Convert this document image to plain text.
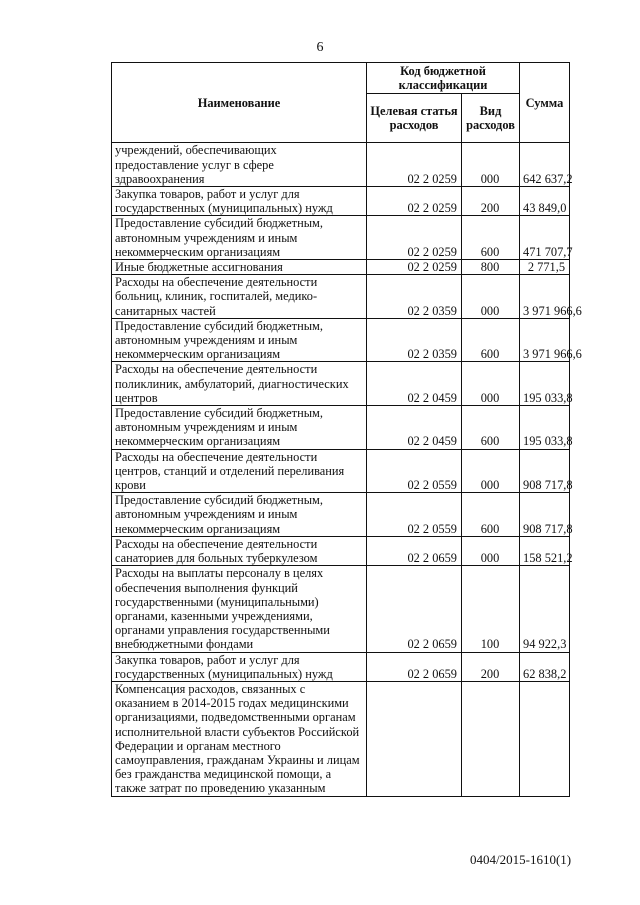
6
Наименование	Код бюджетной классификации		Сумма
	Целевая статья расходов	Вид расходов	
учреждений, обеспечивающих предоставление услуг в сфере здравоохранения	02 2 0259	000	642 637,2
Закупка товаров, работ и услуг для государственных (муниципальных) нужд	02 2 0259	200	43 849,0
Предоставление субсидий бюджетным, автономным учреждениям и иным некоммерческим организациям	02 2 0259	600	471 707,7
Иные бюджетные ассигнования	02 2 0259	800	2 771,5
Расходы на обеспечение деятельности больниц, клиник, госпиталей, медико-санитарных частей	02 2 0359	000	3 971 966,6
Предоставление субсидий бюджетным, автономным учреждениям и иным некоммерческим организациям	02 2 0359	600	3 971 966,6
Расходы на обеспечение деятельности поликлиник, амбулаторий, диагностических центров	02 2 0459	000	195 033,8
Предоставление субсидий бюджетным, автономным учреждениям и иным некоммерческим организациям	02 2 0459	600	195 033,8
Расходы на обеспечение деятельности центров, станций и отделений переливания крови	02 2 0559	000	908 717,8
Предоставление субсидий бюджетным, автономным учреждениям и иным некоммерческим организациям	02 2 0559	600	908 717,8
Расходы на обеспечение деятельности санаториев для больных туберкулезом	02 2 0659	000	158 521,2
Расходы на выплаты персоналу в целях обеспечения выполнения функций государственными (муниципальными) органами, казенными учреждениями, органами управления государственными внебюджетными фондами	02 2 0659	100	94 922,3
Закупка товаров, работ и услуг для государственных (муниципальных) нужд	02 2 0659	200	62 838,2
Компенсация расходов, связанных с оказанием в 2014-2015 годах медицинскими организациями, подведомственными органам исполнительной власти субъектов Российской Федерации и органам местного самоуправления, гражданам Украины и лицам без гражданства медицинской помощи, а также затрат по проведению указанным			
0404/2015-1610(1)
